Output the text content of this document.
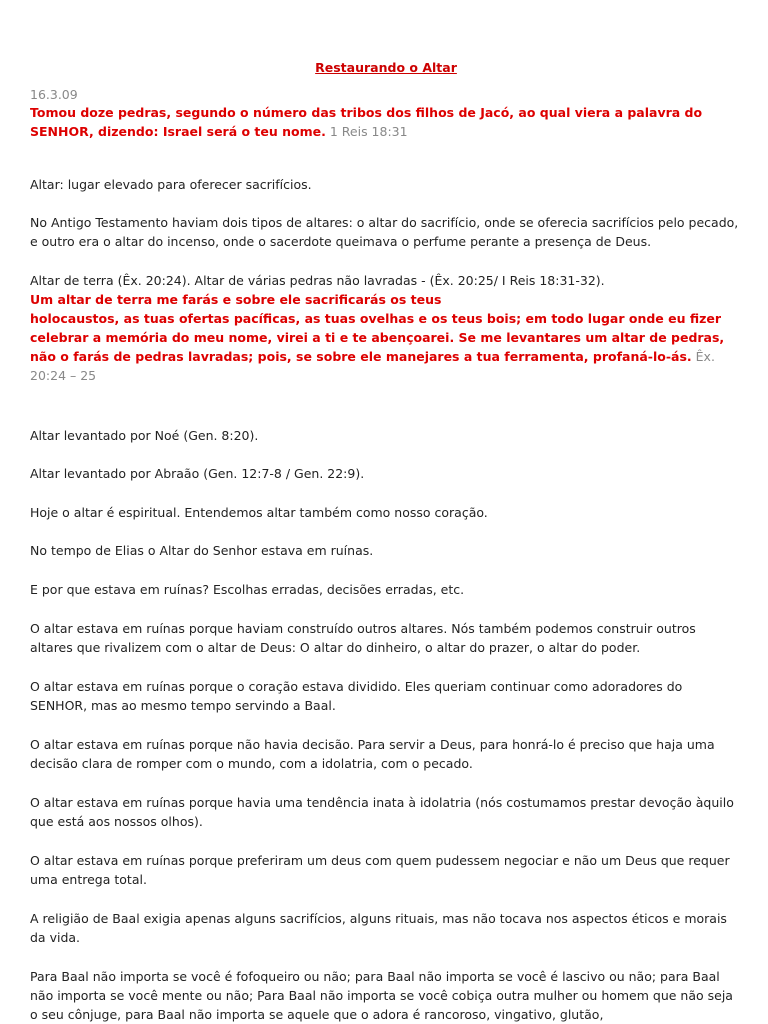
Restaurando o Altar
16.3.09
Tomou doze pedras, segundo o número das tribos dos filhos de Jacó, ao qual viera a palavra do SENHOR, dizendo: Israel será o teu nome. 1 Reis 18:31
Altar: lugar elevado para oferecer sacrifícios.
No Antigo Testamento haviam dois tipos de altares: o altar do sacrifício, onde se oferecia sacrifícios pelo pecado, e outro era o altar do incenso, onde o sacerdote queimava o perfume perante a presença de Deus.
Altar de terra (Êx. 20:24). Altar de várias pedras não lavradas - (Êx. 20:25/ I Reis 18:31-32).
Um altar de terra me farás e sobre ele sacrificarás os teus
holocaustos, as tuas ofertas pacíficas, as tuas ovelhas e os teus bois; em todo lugar onde eu fizer celebrar a memória do meu nome, virei a ti e te abençoarei. Se me levantares um altar de pedras, não o farás de pedras lavradas; pois, se sobre ele manejares a tua ferramenta, profaná-lo-ás. Êx. 20:24 – 25
Altar levantado por Noé (Gen. 8:20).
Altar levantado por Abraão (Gen. 12:7-8 / Gen. 22:9).
Hoje o altar é espiritual. Entendemos altar também como nosso coração.
No tempo de Elias o Altar do Senhor estava em ruínas.
E por que estava em ruínas? Escolhas erradas, decisões erradas, etc.
O altar estava em ruínas porque haviam construído outros altares. Nós também podemos construir outros altares que rivalizem com o altar de Deus: O altar do dinheiro, o altar do prazer, o altar do poder.
O altar estava em ruínas porque o coração estava dividido. Eles queriam continuar como adoradores do SENHOR, mas ao mesmo tempo servindo a Baal.
O altar estava em ruínas porque não havia decisão. Para servir a Deus, para honrá-lo é preciso que haja uma decisão clara de romper com o mundo, com a idolatria, com o pecado.
O altar estava em ruínas porque havia uma tendência inata à idolatria (nós costumamos prestar devoção àquilo que está aos nossos olhos).
O altar estava em ruínas porque preferiram um deus com quem pudessem negociar e não um Deus que requer uma entrega total.
A religião de Baal exigia apenas alguns sacrifícios, alguns rituais, mas não tocava nos aspectos éticos e morais da vida.
Para Baal não importa se você é fofoqueiro ou não; para Baal não importa se você é lascivo ou não; para Baal não importa se você mente ou não; Para Baal não importa se você cobiça outra mulher ou homem que não seja o seu cônjuge, para Baal não importa se aquele que o adora é rancoroso, vingativo, glutão,
